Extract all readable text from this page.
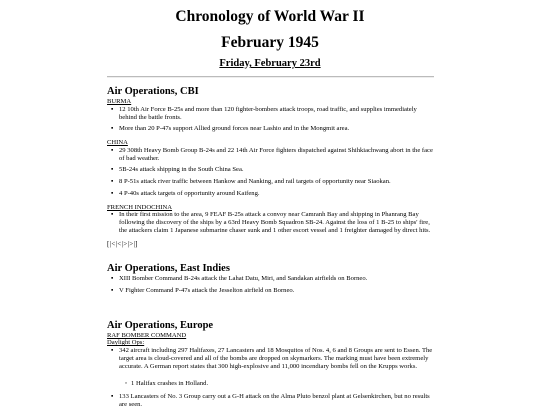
Chronology of World War II
February 1945
Friday, February 23rd
Air Operations, CBI
BURMA
▪ 12 10th Air Force B-25s and more than 120 fighter-bombers attack troops, road traffic, and supplies immediately behind the battle fronts.
▪ More than 20 P-47s support Allied ground forces near Lashio and in the Mongmit area.
CHINA
▪ 29 308th Heavy Bomb Group B-24s and 22 14th Air Force fighters dispatched against Shihkiachwang abort in the face of bad weather.
▪ 5B-24s attack shipping in the South China Sea.
▪ 8 P-51s attack river traffic between Hankow and Nanking, and rail targets of opportunity near Siaokan.
▪ 4 P-40s attack targets of opportunity around Kaifeng.
FRENCH INDOCHINA
▪ In their first mission to the area, 9 FEAF B-25s attack a convoy near Camranh Bay and shipping in Phanrang Bay following the discovery of the ships by a 63rd Heavy Bomb Squadron SB-24. Against the loss of 1 B-25 to ships' fire, the attackers claim 1 Japanese submarine chaser sunk and 1 other escort vessel and 1 freighter damaged by direct hits.
[|<|<|>|>|]
Air Operations, East Indies
▪ XIII Bomber Command B-24s attack the Lahat Datu, Miri, and Sandakan airfields on Borneo.
▪ V Fighter Command P-47s attack the Jesselton airfield on Borneo.
Air Operations, Europe
RAF BOMBER COMMAND
Daylight Ops:
▪ 342 aircraft including 297 Halifaxes, 27 Lancasters and 18 Mosquitos of Nos. 4, 6 and 8 Groups are sent to Essen. The target area is cloud-covered and all of the bombs are dropped on skymarkers. The marking must have been extremely accurate. A German report states that 300 high-explosive and 11,000 incendiary bombs fell on the Krupps works.
◦ 1 Halifax crashes in Holland.
▪ 133 Lancasters of No. 3 Group carry out a G-H attack on the Alma Pluto benzol plant at Gelsenkirchen, but no results are seen.
